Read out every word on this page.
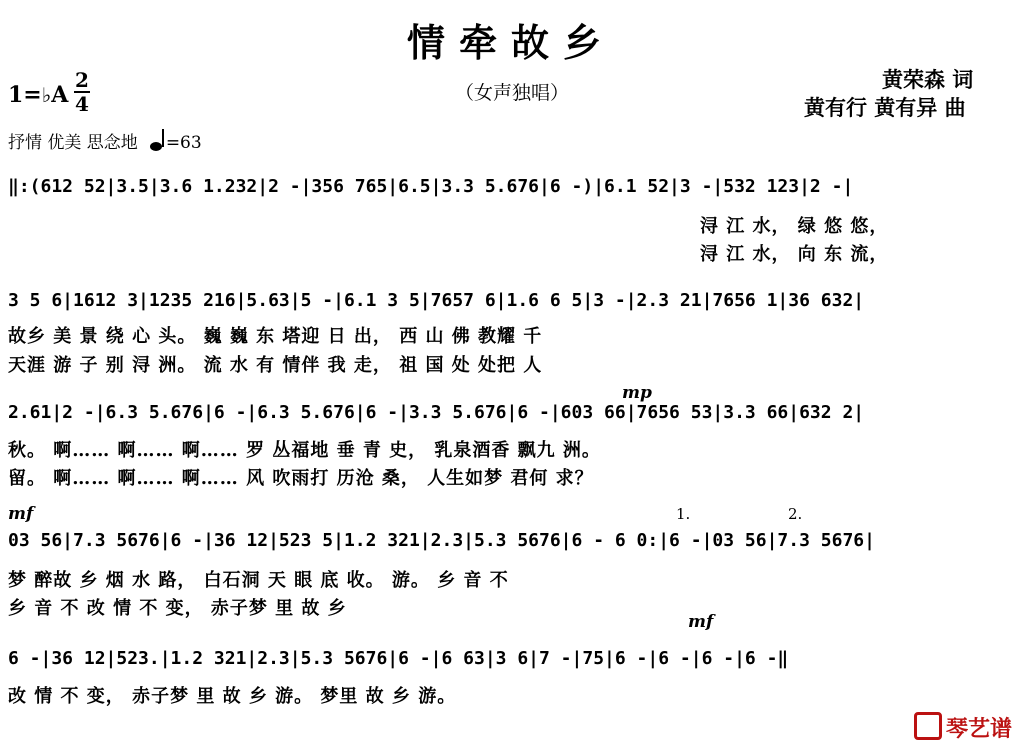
情牵故乡
1=♭A
2
4	（女声独唱）
黄荣森 词
黄有行 黄有异 曲
抒情 优美 思念地 =63
‖:(612 52|3.5|3.6 1.232|2 -|356 765|6.5|3.3 5.676|6 -)|6.1 52|3 -|532 123|2 -|
浔 江 水， 绿 悠 悠，
浔 江 水， 向 东 流，
3 5 6|1612 3|1235 216|5.63|5 -|6.1 3 5|7657 6|1.6 6 5|3 -|2.3 21|7656 1|36 632|
故乡 美 景 绕 心 头。 巍 巍 东 塔迎 日 出， 西 山 佛 教耀 千
天涯 游 子 别 浔 洲。 流 水 有 情伴 我 走， 祖 国 处 处把 人
mp
2.61|2 -|6.3 5.676|6 -|6.3 5.676|6 -|3.3 5.676|6 -|603 66|7656 53|3.3 66|632 2|
秋。 啊…… 啊…… 啊…… 罗 丛福地 垂 青 史， 乳泉酒香 飘九 洲。
留。 啊…… 啊…… 啊…… 风 吹雨打 历沧 桑， 人生如梦 君何 求？
mf	1.	2.
03 56|7.3 5676|6 -|36 12|523 5|1.2 321|2.3|5.3 5676|6 - 6 0:|6 -|03 56|7.3 5676|
梦 醉故 乡 烟 水 路， 白石洞 天 眼 底 收。 游。 乡 音 不
乡 音 不 改 情 不 变， 赤子梦 里 故 乡
mf
6 -|36 12|523.|1.2 321|2.3|5.3 5676|6 -|6 63|3 6|7 -|75|6 -|6 -|6 -|6 -‖
改 情 不 变， 赤子梦 里 故 乡 游。 梦里 故 乡 游。
琴艺谱
